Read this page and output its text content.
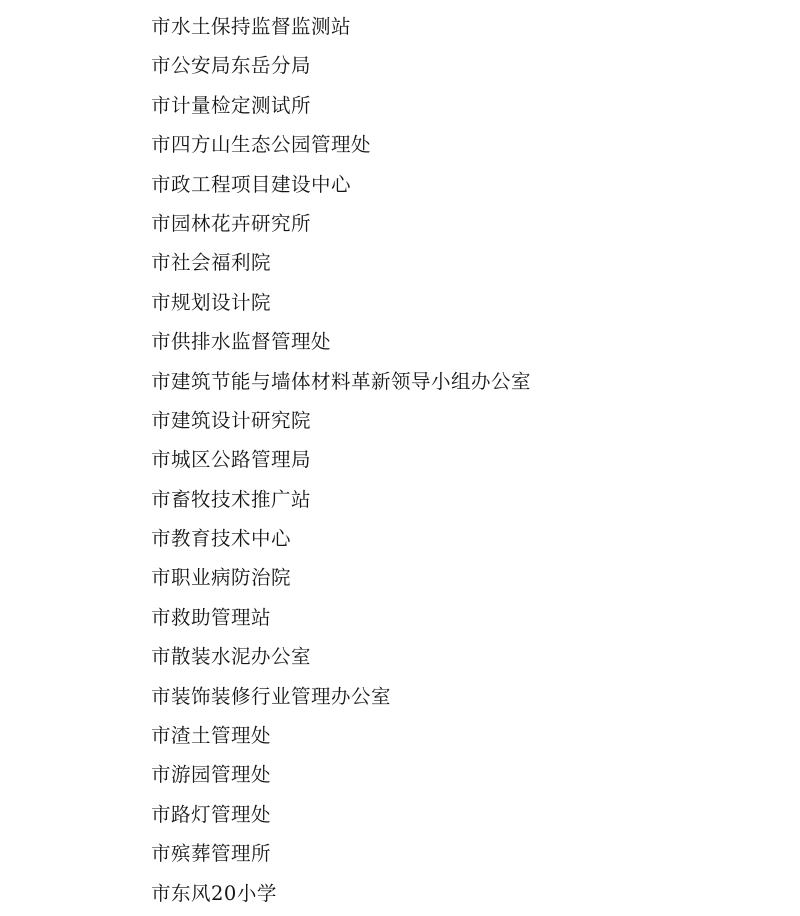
市水土保持监督监测站
市公安局东岳分局
市计量检定测试所
市四方山生态公园管理处
市政工程项目建设中心
市园林花卉研究所
市社会福利院
市规划设计院
市供排水监督管理处
市建筑节能与墙体材料革新领导小组办公室
市建筑设计研究院
市城区公路管理局
市畜牧技术推广站
市教育技术中心
市职业病防治院
市救助管理站
市散装水泥办公室
市装饰装修行业管理办公室
市渣土管理处
市游园管理处
市路灯管理处
市殡葬管理所
市东风20小学
